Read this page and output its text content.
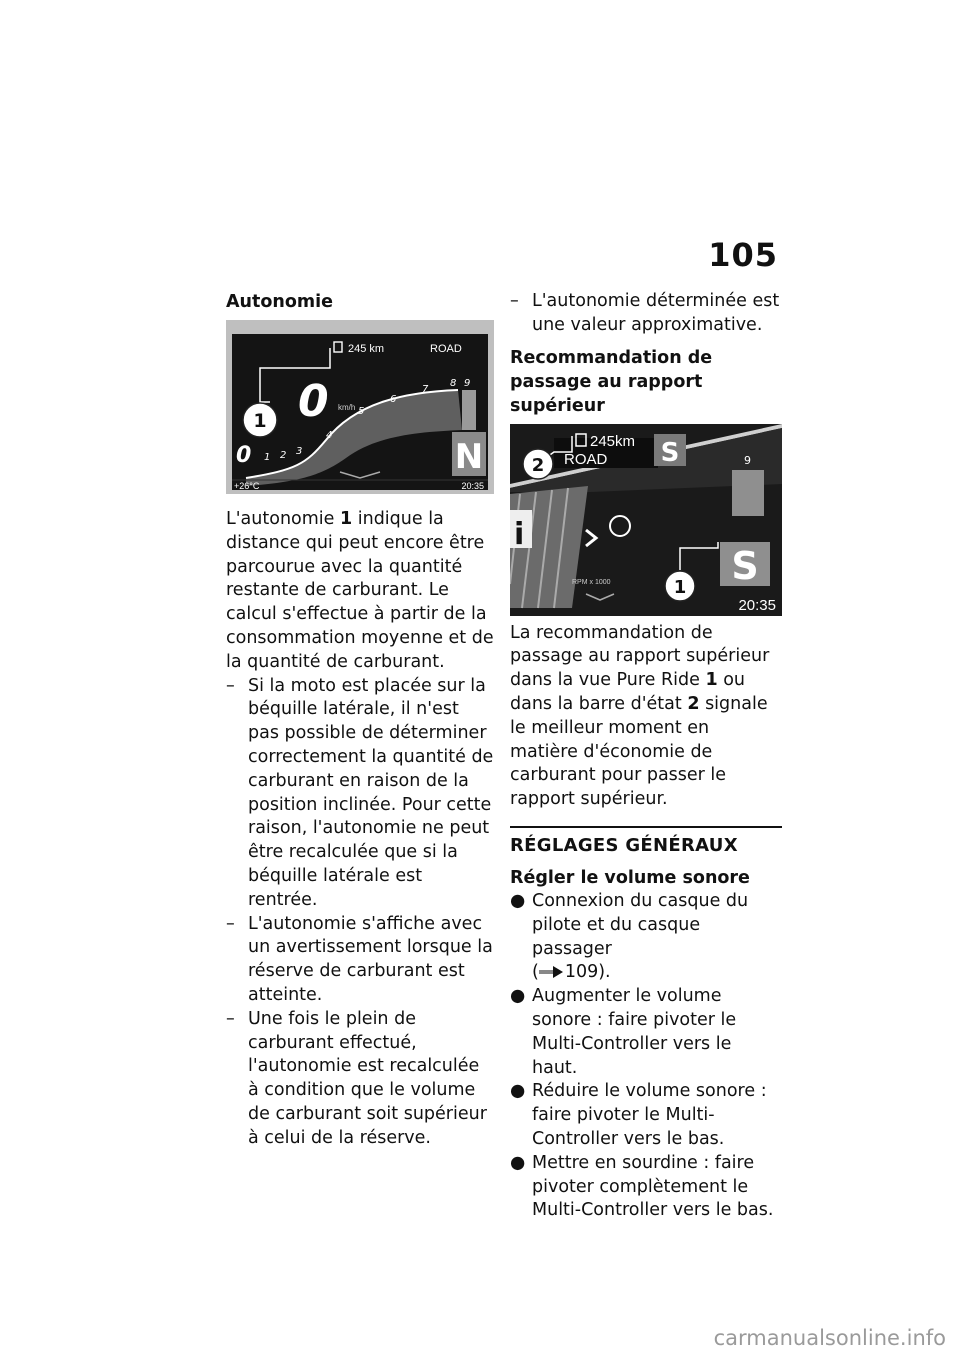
105
Autonomie
245 km	ROAD
1 0 km/h
1 2 3
4
5
6
7
8 9
0	N
+26°C	20:35

L'autonomie 1 indique la distance qui peut encore être parcourue avec la quantité restante de carburant. Le calcul s'effectue à partir de la consommation moyenne et de la quantité de carburant.

– Si la moto est placée sur la béquille latérale, il n'est pas possible de déterminer correctement la quantité de carburant en raison de la position inclinée. Pour cette raison, l'autonomie ne peut être recalculée que si la béquille latérale est rentrée.
– L'autonomie s'affiche avec un avertissement lorsque la réserve de carburant est atteinte.
– Une fois le plein de carburant effectué, l'autonomie est recalculée à condition que le volume de carburant soit supérieur à celui de la réserve.
– L'autonomie déterminée est une valeur approximative.
Recommandation de passage au rapport supérieur
245km
ROAD S
2	9
i
1 S
RPM x 1000
20:35

La recommandation de passage au rapport supérieur dans la vue Pure Ride 1 ou dans la barre d'état 2 signale le meilleur moment en matière d'économie de carburant pour passer le rapport supérieur.

RÉGLAGES GÉNÉRAUX
Régler le volume sonore
● Connexion du casque du pilote et du casque passager
( 109).
● Augmenter le volume sonore : faire pivoter le Multi-Controller vers le haut.
● Réduire le volume sonore : faire pivoter le Multi-Controller vers le bas.
● Mettre en sourdine : faire pivoter complètement le Multi-Controller vers le bas.
carmanualsonline.info
